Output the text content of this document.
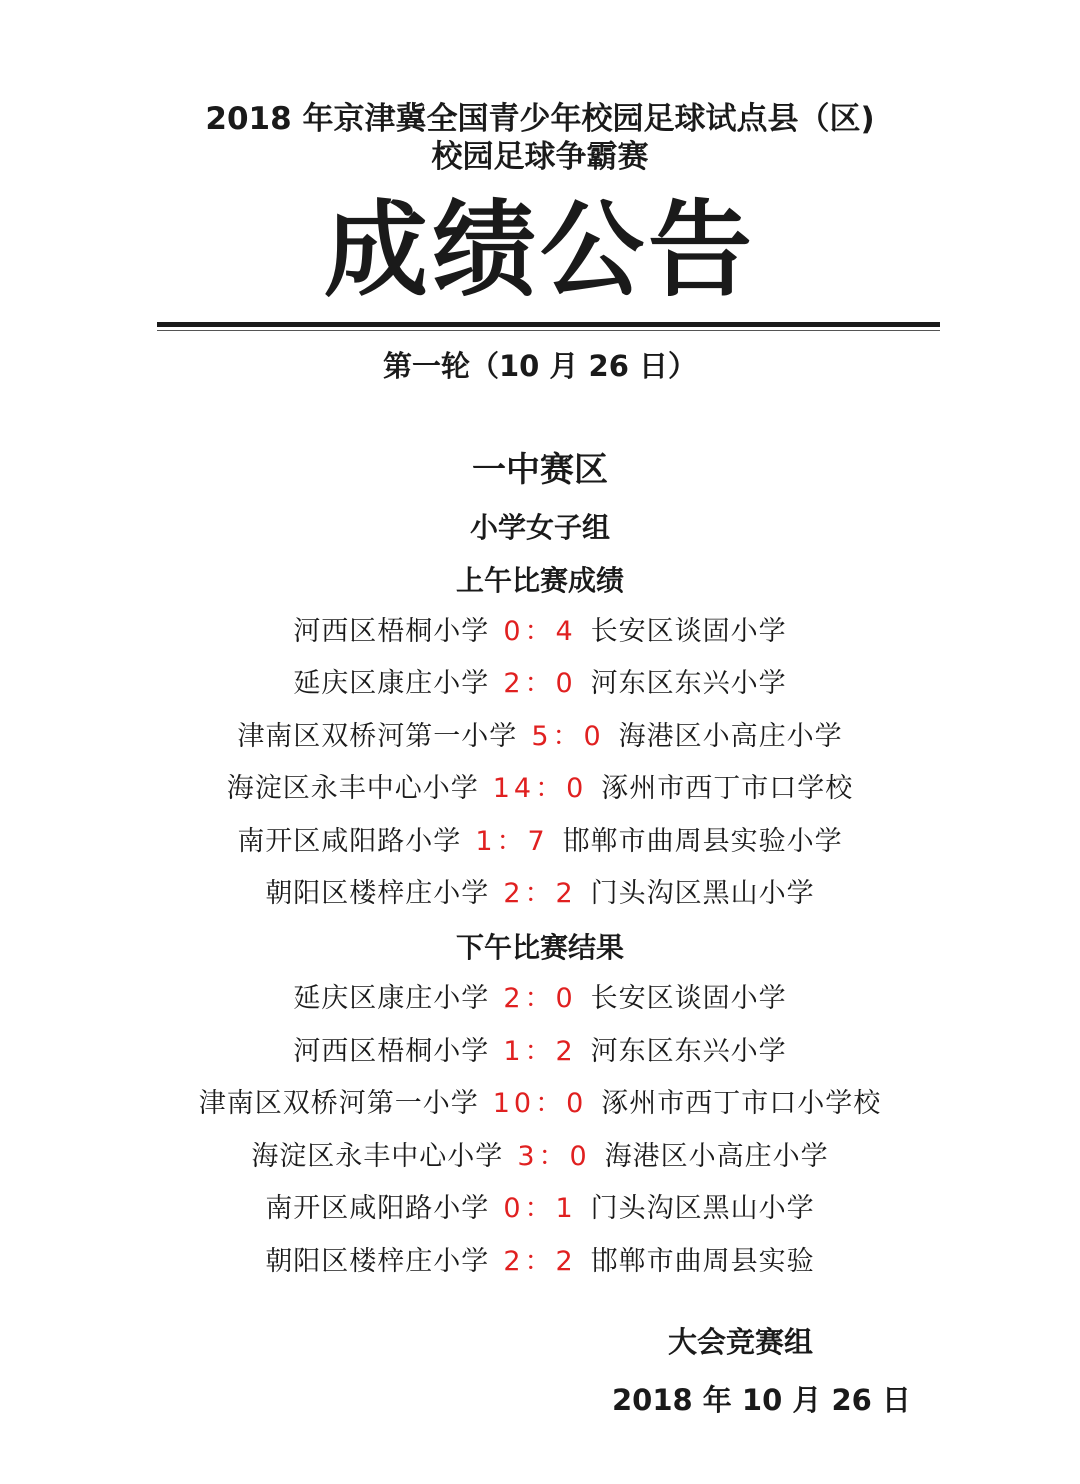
2018 年京津冀全国青少年校园足球试点县（区)
校园足球争霸赛
成绩公告
第一轮（10 月 26 日）
一中赛区
小学女子组
上午比赛成绩
河西区梧桐小学 0：4 长安区谈固小学
延庆区康庄小学 2：0 河东区东兴小学
津南区双桥河第一小学 5：0 海港区小高庄小学
海淀区永丰中心小学 14：0 涿州市西丁市口学校
南开区咸阳路小学 1：7 邯郸市曲周县实验小学
朝阳区楼梓庄小学 2：2 门头沟区黑山小学
下午比赛结果
延庆区康庄小学 2：0 长安区谈固小学
河西区梧桐小学 1：2 河东区东兴小学
津南区双桥河第一小学 10：0 涿州市西丁市口小学校
海淀区永丰中心小学 3：0 海港区小高庄小学
南开区咸阳路小学 0：1 门头沟区黑山小学
朝阳区楼梓庄小学 2：2 邯郸市曲周县实验
大会竞赛组
2018 年 10 月 26 日
